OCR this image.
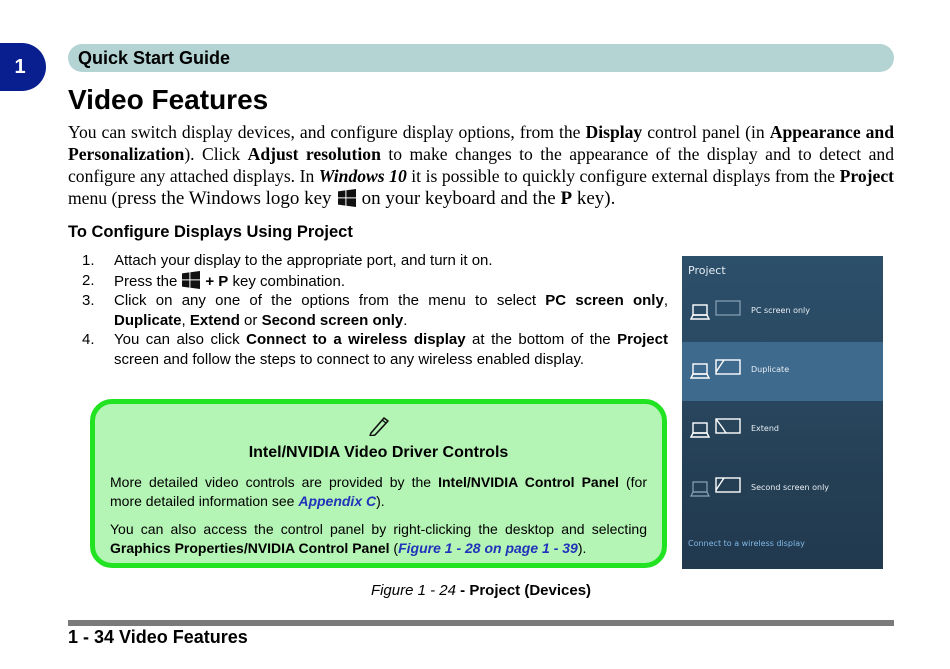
1	Quick Start Guide
Video Features

You can switch display devices, and configure display options, from the Display control panel (in Appearance and Personalization). Click Adjust resolution to make changes to the appearance of the display and to detect and configure any attached displays. In Windows 10 it is possible to quickly configure external displays from the Project menu (press the Windows logo key on your keyboard and the P key).

To Configure Displays Using Project
1. Attach your display to the appropriate port, and turn it on.
2. Press the + P key combination.
3. Click on any one of the options from the menu to select PC screen only, Duplicate, Extend or Second screen only.
4. You can also click Connect to a wireless display at the bottom of the Project screen and follow the steps to connect to any wireless enabled display.

Intel/NVIDIA Video Driver Controls

More detailed video controls are provided by the Intel/NVIDIA Control Panel (for more detailed information see Appendix C).

You can also access the control panel by right-clicking the desktop and selecting Graphics Properties/NVIDIA Control Panel (Figure 1 - 28 on page 1 - 39).

Project
PC screen only
Duplicate
Extend
Second screen only
Connect to a wireless display

Figure 1 - 24 - Project (Devices)

1 - 34 Video Features
